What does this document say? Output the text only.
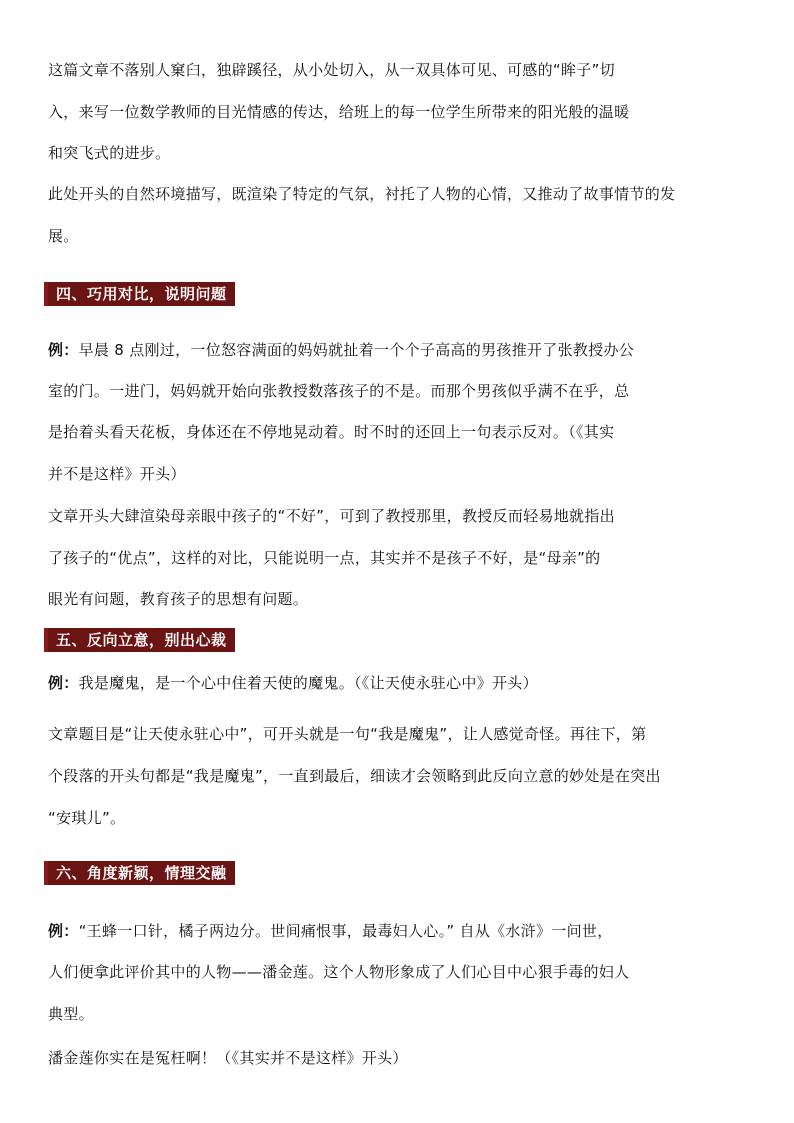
这篇文章不落别人窠臼，独辟蹊径，从小处切入，从一双具体可见、可感的“眸子”切
入，来写一位数学教师的目光情感的传达，给班上的每一位学生所带来的阳光般的温暖
和突飞式的进步。
此处开头的自然环境描写，既渲染了特定的气氛，衬托了人物的心情，又推动了故事情节的发
展。
四、巧用对比，说明问题
例：早晨 8 点刚过，一位怒容满面的妈妈就扯着一个个子高高的男孩推开了张教授办公
室的门。一进门，妈妈就开始向张教授数落孩子的不是。而那个男孩似乎满不在乎，总
是抬着头看天花板，身体还在不停地晃动着。时不时的还回上一句表示反对。（《其实
并不是这样》开头）
文章开头大肆渲染母亲眼中孩子的“不好”，可到了教授那里，教授反而轻易地就指出
了孩子的“优点”，这样的对比，只能说明一点，其实并不是孩子不好，是“母亲”的
眼光有问题，教育孩子的思想有问题。
五、反向立意，别出心裁
例：我是魔鬼，是一个心中住着天使的魔鬼。（《让天使永驻心中》开头）
文章题目是“让天使永驻心中”，可开头就是一句“我是魔鬼”，让人感觉奇怪。再往下，第
个段落的开头句都是“我是魔鬼”，一直到最后，细读才会领略到此反向立意的妙处是在突出
“安琪儿”。
六、角度新颖，情理交融
例：“王蜂一口针，橘子两边分。世间痛恨事，最毒妇人心。” 自从《水浒》一问世，
人们便拿此评价其中的人物——潘金莲。这个人物形象成了人们心目中心狠手毒的妇人
典型。
潘金莲你实在是冤枉啊！（《其实并不是这样》开头）
